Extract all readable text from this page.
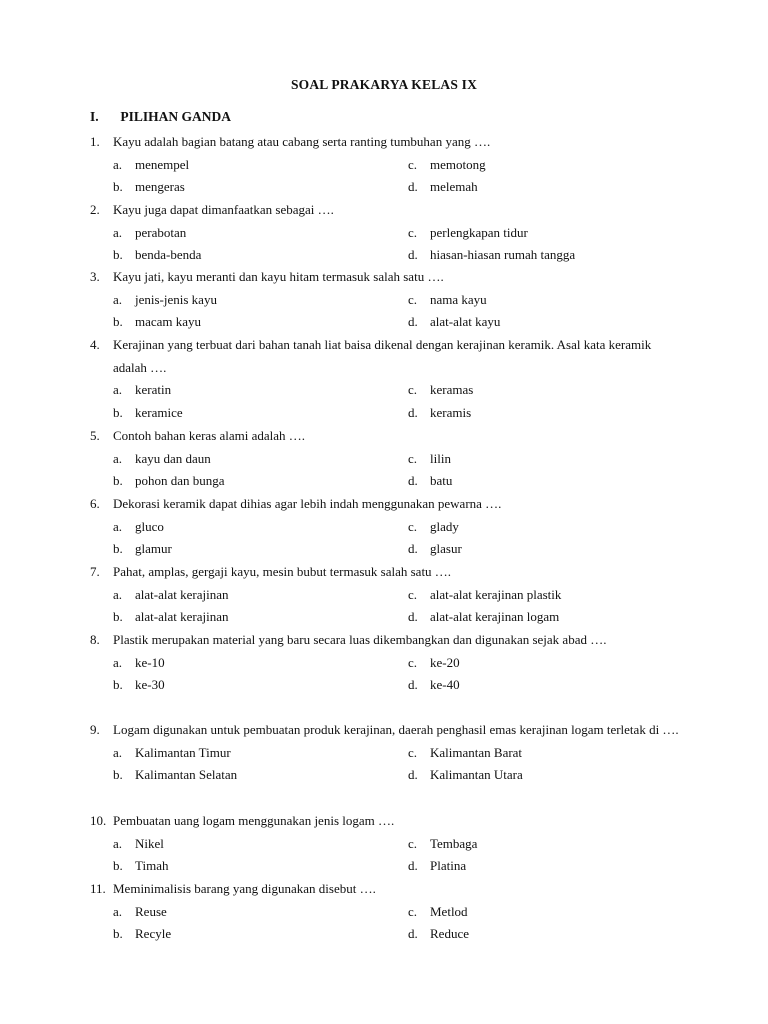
SOAL PRAKARYA KELAS IX
I. PILIHAN GANDA
1. Kayu adalah bagian batang atau cabang serta ranting tumbuhan yang ….
a. menempel	c. memotong
b. mengeras	d. melemah
2. Kayu juga dapat dimanfaatkan sebagai ….
a. perabotan	c. perlengkapan tidur
b. benda-benda	d. hiasan-hiasan rumah tangga
3. Kayu jati, kayu meranti dan kayu hitam termasuk salah satu ….
a. jenis-jenis kayu	c. nama kayu
b. macam kayu	d. alat-alat kayu
4. Kerajinan yang terbuat dari bahan tanah liat baisa dikenal dengan kerajinan keramik. Asal kata keramik adalah ….
a. keratin	c. keramas
b. keramice	d. keramis
5. Contoh bahan keras alami adalah ….
a. kayu dan daun	c. lilin
b. pohon dan bunga	d. batu
6. Dekorasi keramik dapat dihias agar lebih indah menggunakan pewarna ….
a. gluco	c. glady
b. glamur	d. glasur
7. Pahat, amplas, gergaji kayu, mesin bubut termasuk salah satu ….
a. alat-alat kerajinan	c. alat-alat kerajinan plastik
b. alat-alat kerajinan	d. alat-alat kerajinan logam
8. Plastik merupakan material yang baru secara luas dikembangkan dan digunakan sejak abad ….
a. ke-10	c. ke-20
b. ke-30	d. ke-40
9. Logam digunakan untuk pembuatan produk kerajinan, daerah penghasil emas kerajinan logam terletak di ….
a. Kalimantan Timur	c. Kalimantan Barat
b. Kalimantan Selatan	d. Kalimantan Utara
10. Pembuatan uang logam menggunakan jenis logam ….
a. Nikel	c. Tembaga
b. Timah	d. Platina
11. Meminimalisis barang yang digunakan disebut ….
a. Reuse	c. Metlod
b. Recyle	d. Reduce
